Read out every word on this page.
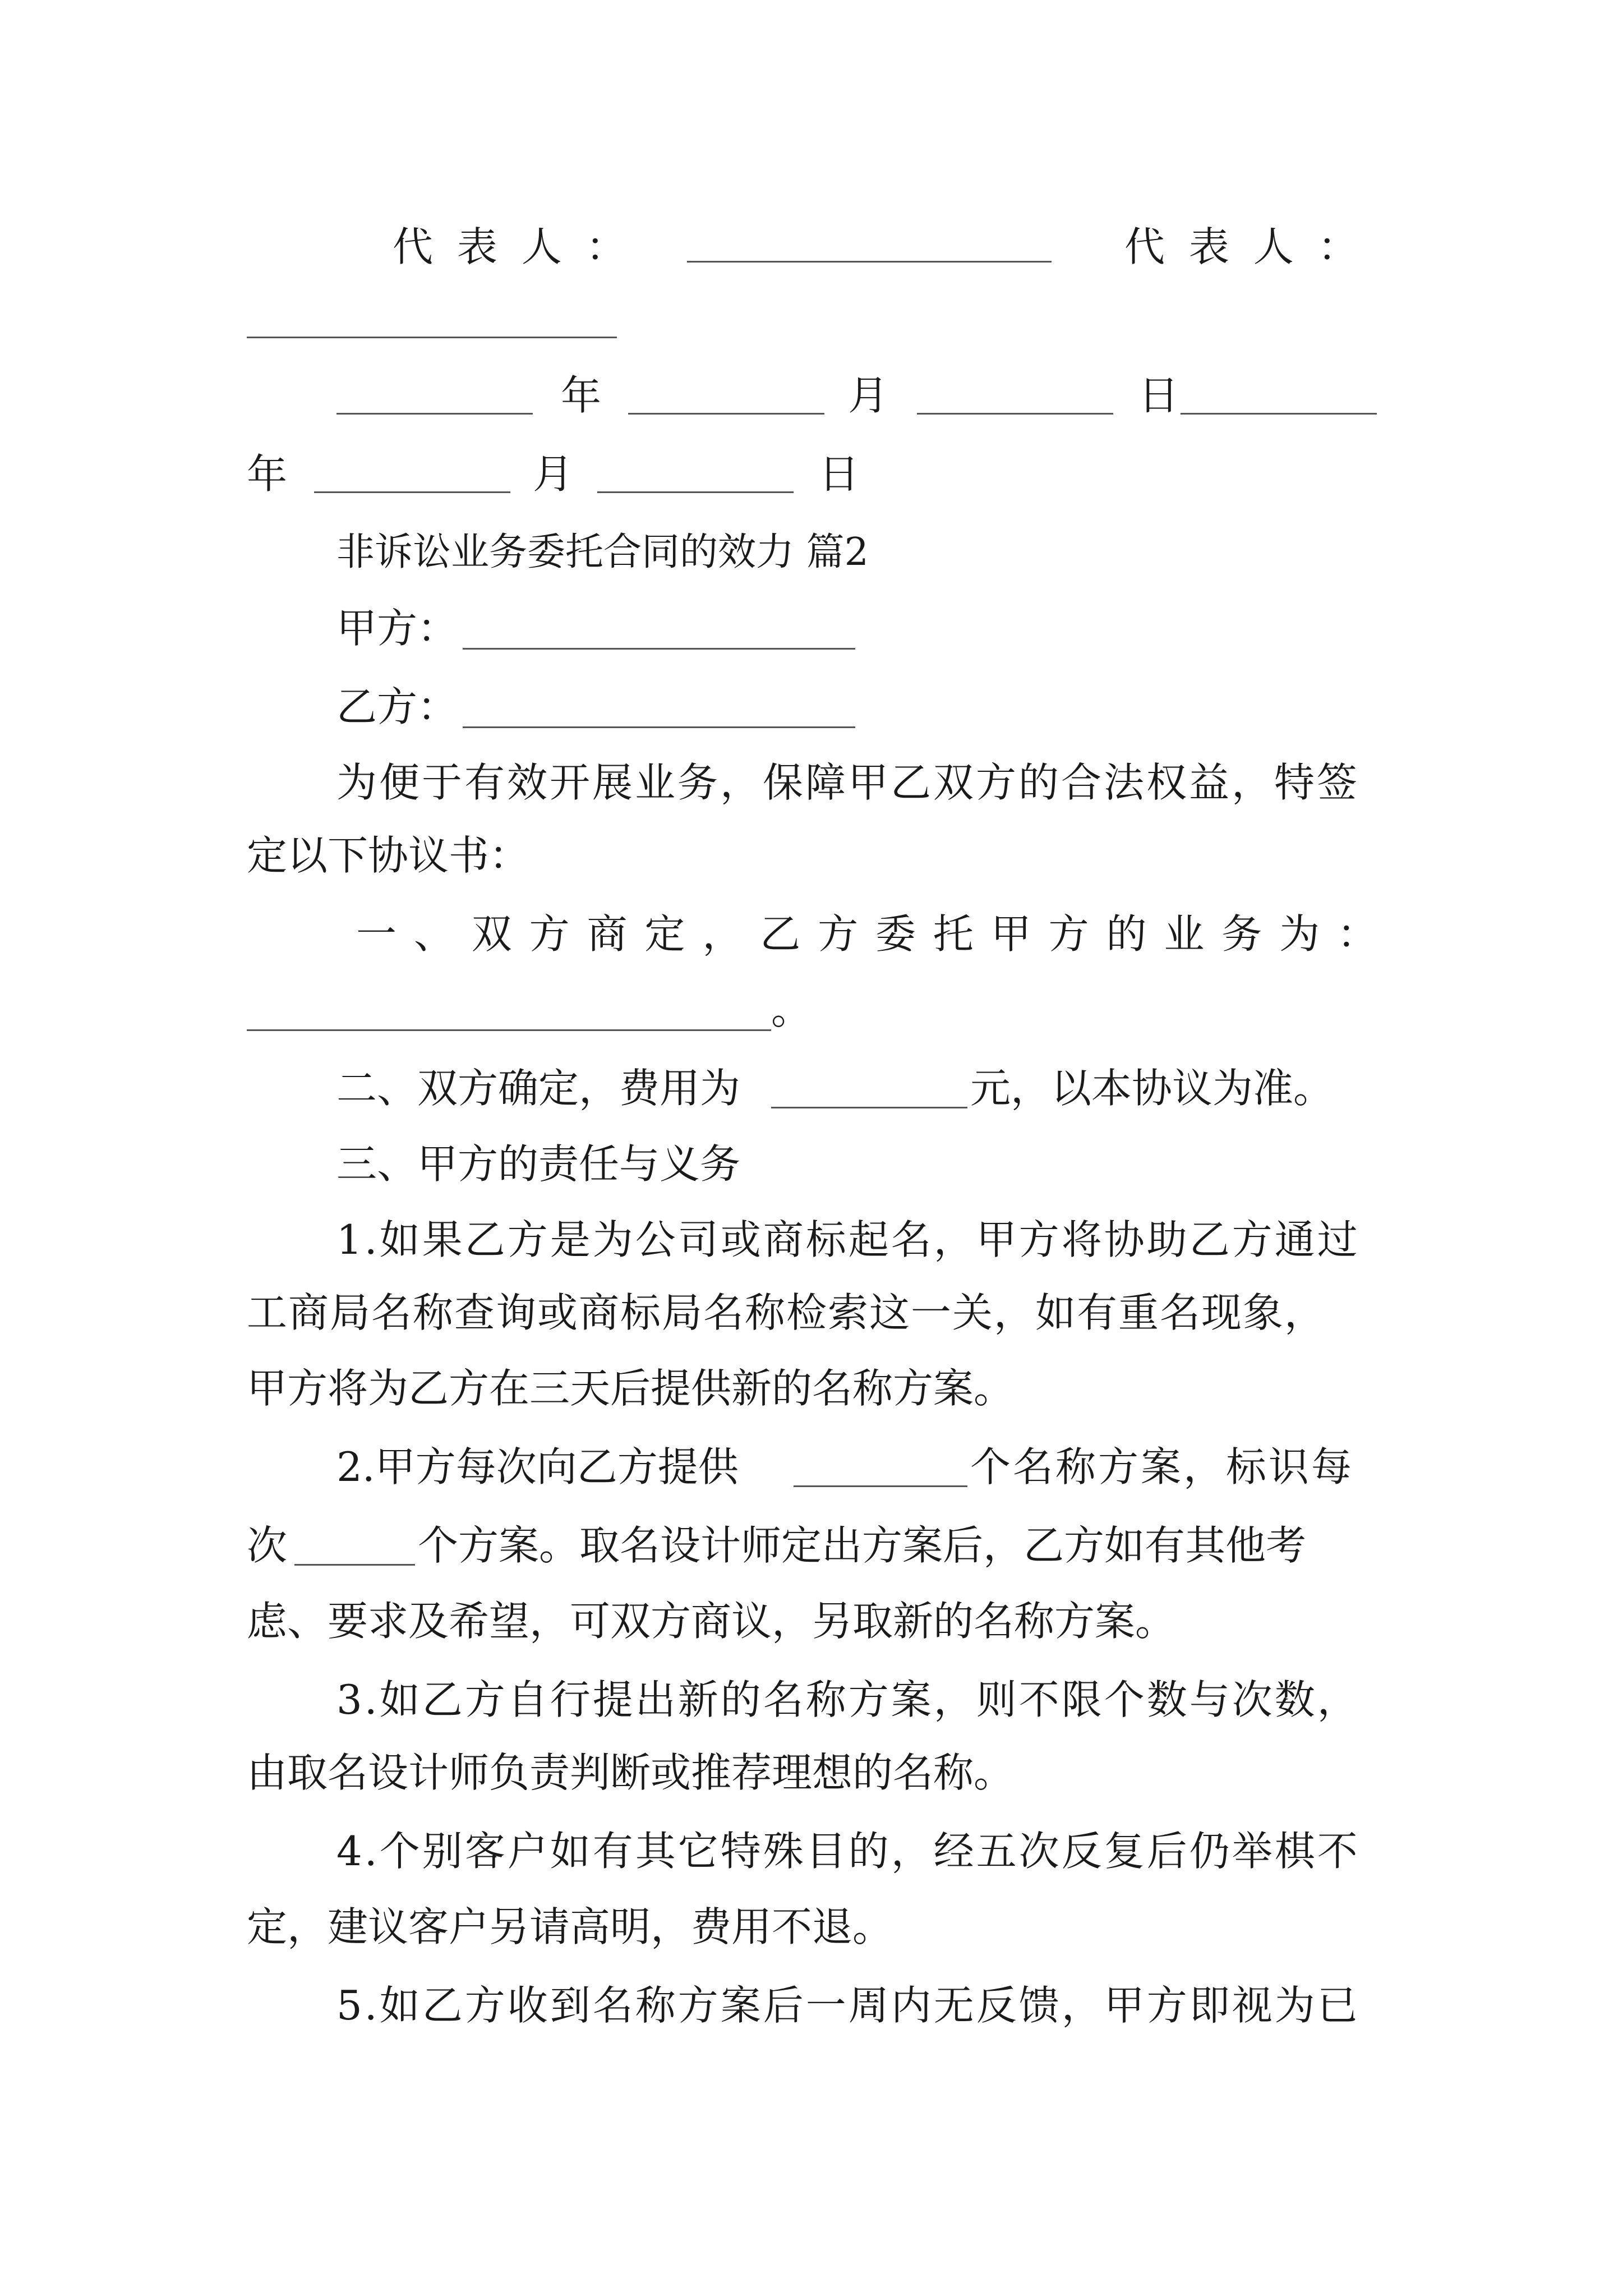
代 表 人 ：

	代 表 人 ：

年

	月

	日

年

	月

	日

非诉讼业务委托合同的效力 篇2

甲方：

乙方：

为便于有效开展业务，保障甲乙双方的合法权益，特签

定以下协议书：

一 、 双 方 商 定 ， 乙 方 委 托 甲 方 的 业 务 为 ：

。

二、双方确定，费用为

	元，以本协议为准。

三、甲方的责任与义务

1.如果乙方是为公司或商标起名，甲方将协助乙方通过

工商局名称查询或商标局名称检索这一关，如有重名现象，

甲方将为乙方在三天后提供新的名称方案。

2.甲方每次向乙方提供

	个名称方案，标识每

次

	个方案。取名设计师定出方案后，乙方如有其他考

虑、要求及希望，可双方商议，另取新的名称方案。

3.如乙方自行提出新的名称方案，则不限个数与次数，

由取名设计师负责判断或推荐理想的名称。

4.个别客户如有其它特殊目的，经五次反复后仍举棋不

定，建议客户另请高明，费用不退。

5.如乙方收到名称方案后一周内无反馈，甲方即视为已
